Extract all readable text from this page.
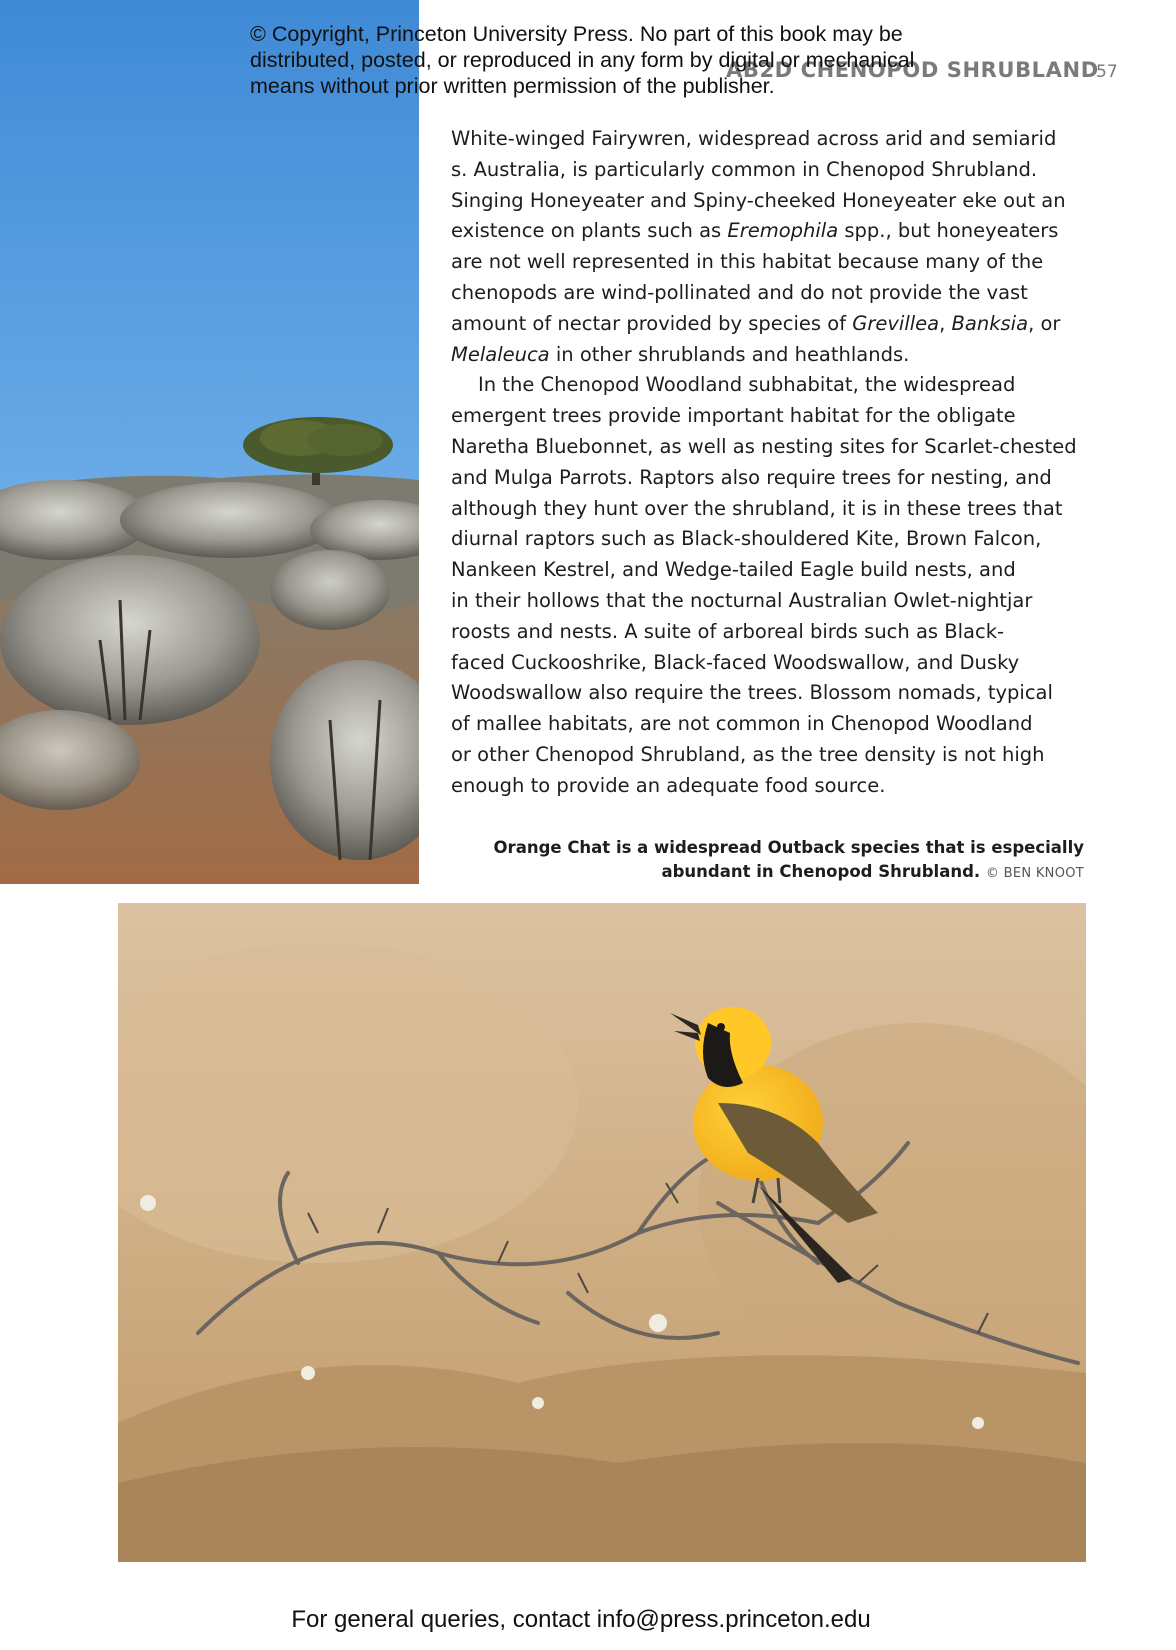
© Copyright, Princeton University Press. No part of this book may be
distributed, posted, or reproduced in any form by digital or mechanical
means without prior written permission of the publisher.
AB2D CHENOPOD SHRUBLAND
57
White-winged Fairywren, widespread across arid and semiarid
s. Australia, is particularly common in Chenopod Shrubland.
Singing Honeyeater and Spiny-cheeked Honeyeater eke out an
existence on plants such as Eremophila spp., but honeyeaters
are not well represented in this habitat because many of the
chenopods are wind-pollinated and do not provide the vast
amount of nectar provided by species of Grevillea, Banksia, or
Melaleuca in other shrublands and heathlands.
In the Chenopod Woodland subhabitat, the widespread
emergent trees provide important habitat for the obligate
Naretha Bluebonnet, as well as nesting sites for Scarlet-chested
and Mulga Parrots. Raptors also require trees for nesting, and
although they hunt over the shrubland, it is in these trees that
diurnal raptors such as Black-shouldered Kite, Brown Falcon,
Nankeen Kestrel, and Wedge-tailed Eagle build nests, and
in their hollows that the nocturnal Australian Owlet-nightjar
roosts and nests. A suite of arboreal birds such as Black-
faced Cuckooshrike, Black-faced Woodswallow, and Dusky
Woodswallow also require the trees. Blossom nomads, typical
of mallee habitats, are not common in Chenopod Woodland
or other Chenopod Shrubland, as the tree density is not high
enough to provide an adequate food source.
Orange Chat is a widespread Outback species that is especially
abundant in Chenopod Shrubland. © BEN KNOOT
For general queries, contact info@press.princeton.edu
